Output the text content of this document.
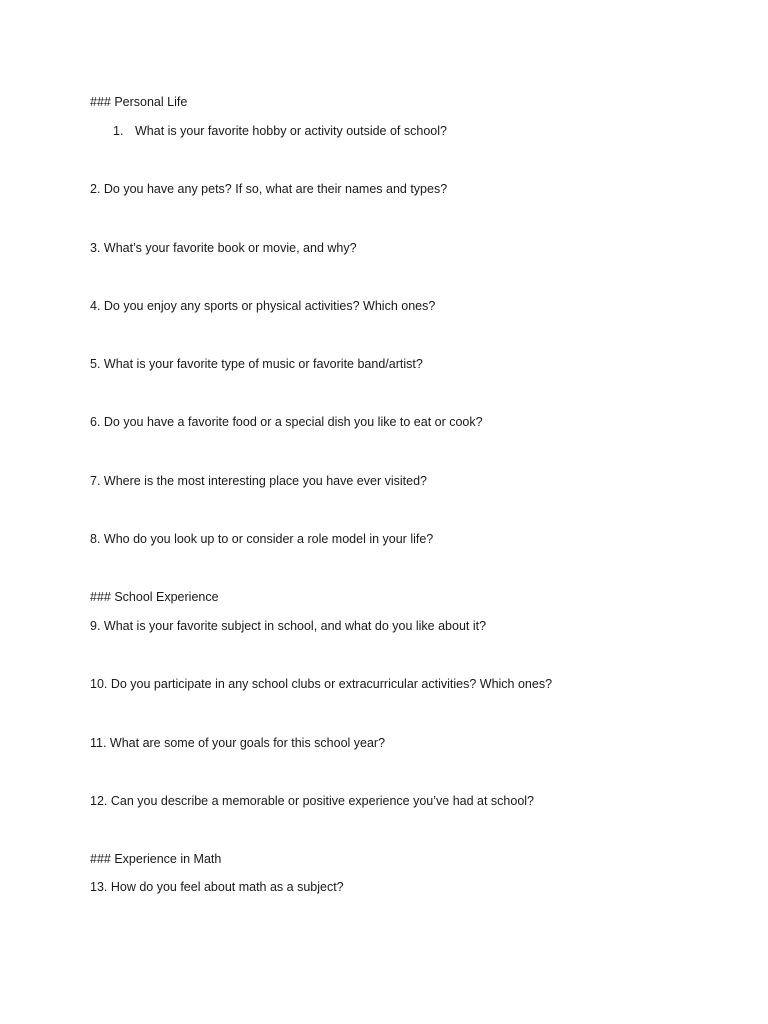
### Personal Life
1. What is your favorite hobby or activity outside of school?
2. Do you have any pets? If so, what are their names and types?
3. What’s your favorite book or movie, and why?
4. Do you enjoy any sports or physical activities? Which ones?
5. What is your favorite type of music or favorite band/artist?
6. Do you have a favorite food or a special dish you like to eat or cook?
7. Where is the most interesting place you have ever visited?
8. Who do you look up to or consider a role model in your life?
### School Experience
9. What is your favorite subject in school, and what do you like about it?
10. Do you participate in any school clubs or extracurricular activities? Which ones?
11. What are some of your goals for this school year?
12. Can you describe a memorable or positive experience you’ve had at school?
### Experience in Math
13. How do you feel about math as a subject?
